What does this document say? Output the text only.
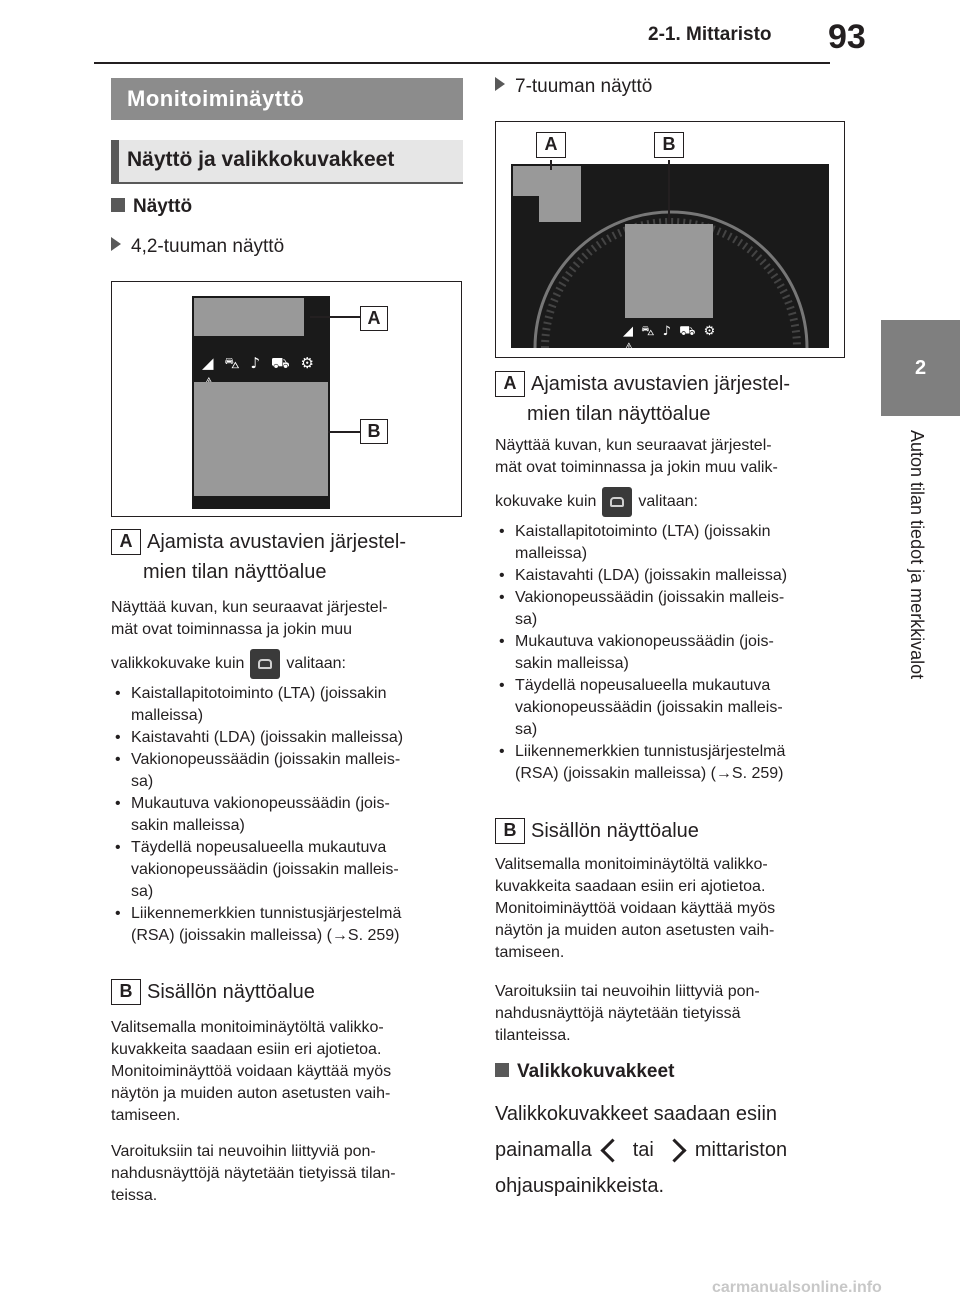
2-1. Mittaristo 93
2
Auton tilan tiedot ja merkkivalot
Monitoiminäyttö
Näyttö ja valikkokuvakkeet
Näyttö
4,2-tuuman näyttö
◢ ⛍ ♪ ⛟ ⚙
A
B
A Ajamista avustavien järjestel-
mien tilan näyttöalue
Näyttää kuvan, kun seuraavat järjestel-
mät ovat toiminnassa ja jokin muu
valikkokuvake kuin	valitaan:
• Kaistallapitotoiminto (LTA) (joissakin
malleissa)
• Kaistavahti (LDA) (joissakin malleissa)
• Vakionopeussäädin (joissakin malleis-
sa)
• Mukautuva vakionopeussäädin (jois-
sakin malleissa)
• Täydellä nopeusalueella mukautuva
vakionopeussäädin (joissakin malleis-
sa)
• Liikennemerkkien tunnistusjärjestelmä
(RSA) (joissakin malleissa) (→S. 259)
B Sisällön näyttöalue
Valitsemalla monitoiminäytöltä valikko-
kuvakkeita saadaan esiin eri ajotietoa.
Monitoiminäyttöä voidaan käyttää myös
näytön ja muiden auton asetusten vaih-
tamiseen.
Varoituksiin tai neuvoihin liittyviä pon-
nahdusnäyttöjä näytetään tietyissä tilan-
teissa.
7-tuuman näyttö
◢ ⛍ ♪ ⛟ ⚙ ⚠
A	B
A Ajamista avustavien järjestel-
mien tilan näyttöalue
Näyttää kuvan, kun seuraavat järjestel-
mät ovat toiminnassa ja jokin muu valik-
kokuvake kuin	valitaan:
• Kaistallapitotoiminto (LTA) (joissakin
malleissa)
• Kaistavahti (LDA) (joissakin malleissa)
• Vakionopeussäädin (joissakin malleis-
sa)
• Mukautuva vakionopeussäädin (jois-
sakin malleissa)
• Täydellä nopeusalueella mukautuva
vakionopeussäädin (joissakin malleis-
sa)
• Liikennemerkkien tunnistusjärjestelmä
(RSA) (joissakin malleissa) (→S. 259)
B Sisällön näyttöalue
Valitsemalla monitoiminäytöltä valikko-
kuvakkeita saadaan esiin eri ajotietoa.
Monitoiminäyttöä voidaan käyttää myös
näytön ja muiden auton asetusten vaih-
tamiseen.
Varoituksiin tai neuvoihin liittyviä pon-
nahdusnäyttöjä näytetään tietyissä
tilanteissa.
Valikkokuvakkeet
Valikkokuvakkeet saadaan esiin
painamalla tai mittariston
ohjauspainikkeista.
carmanualsonline.info
